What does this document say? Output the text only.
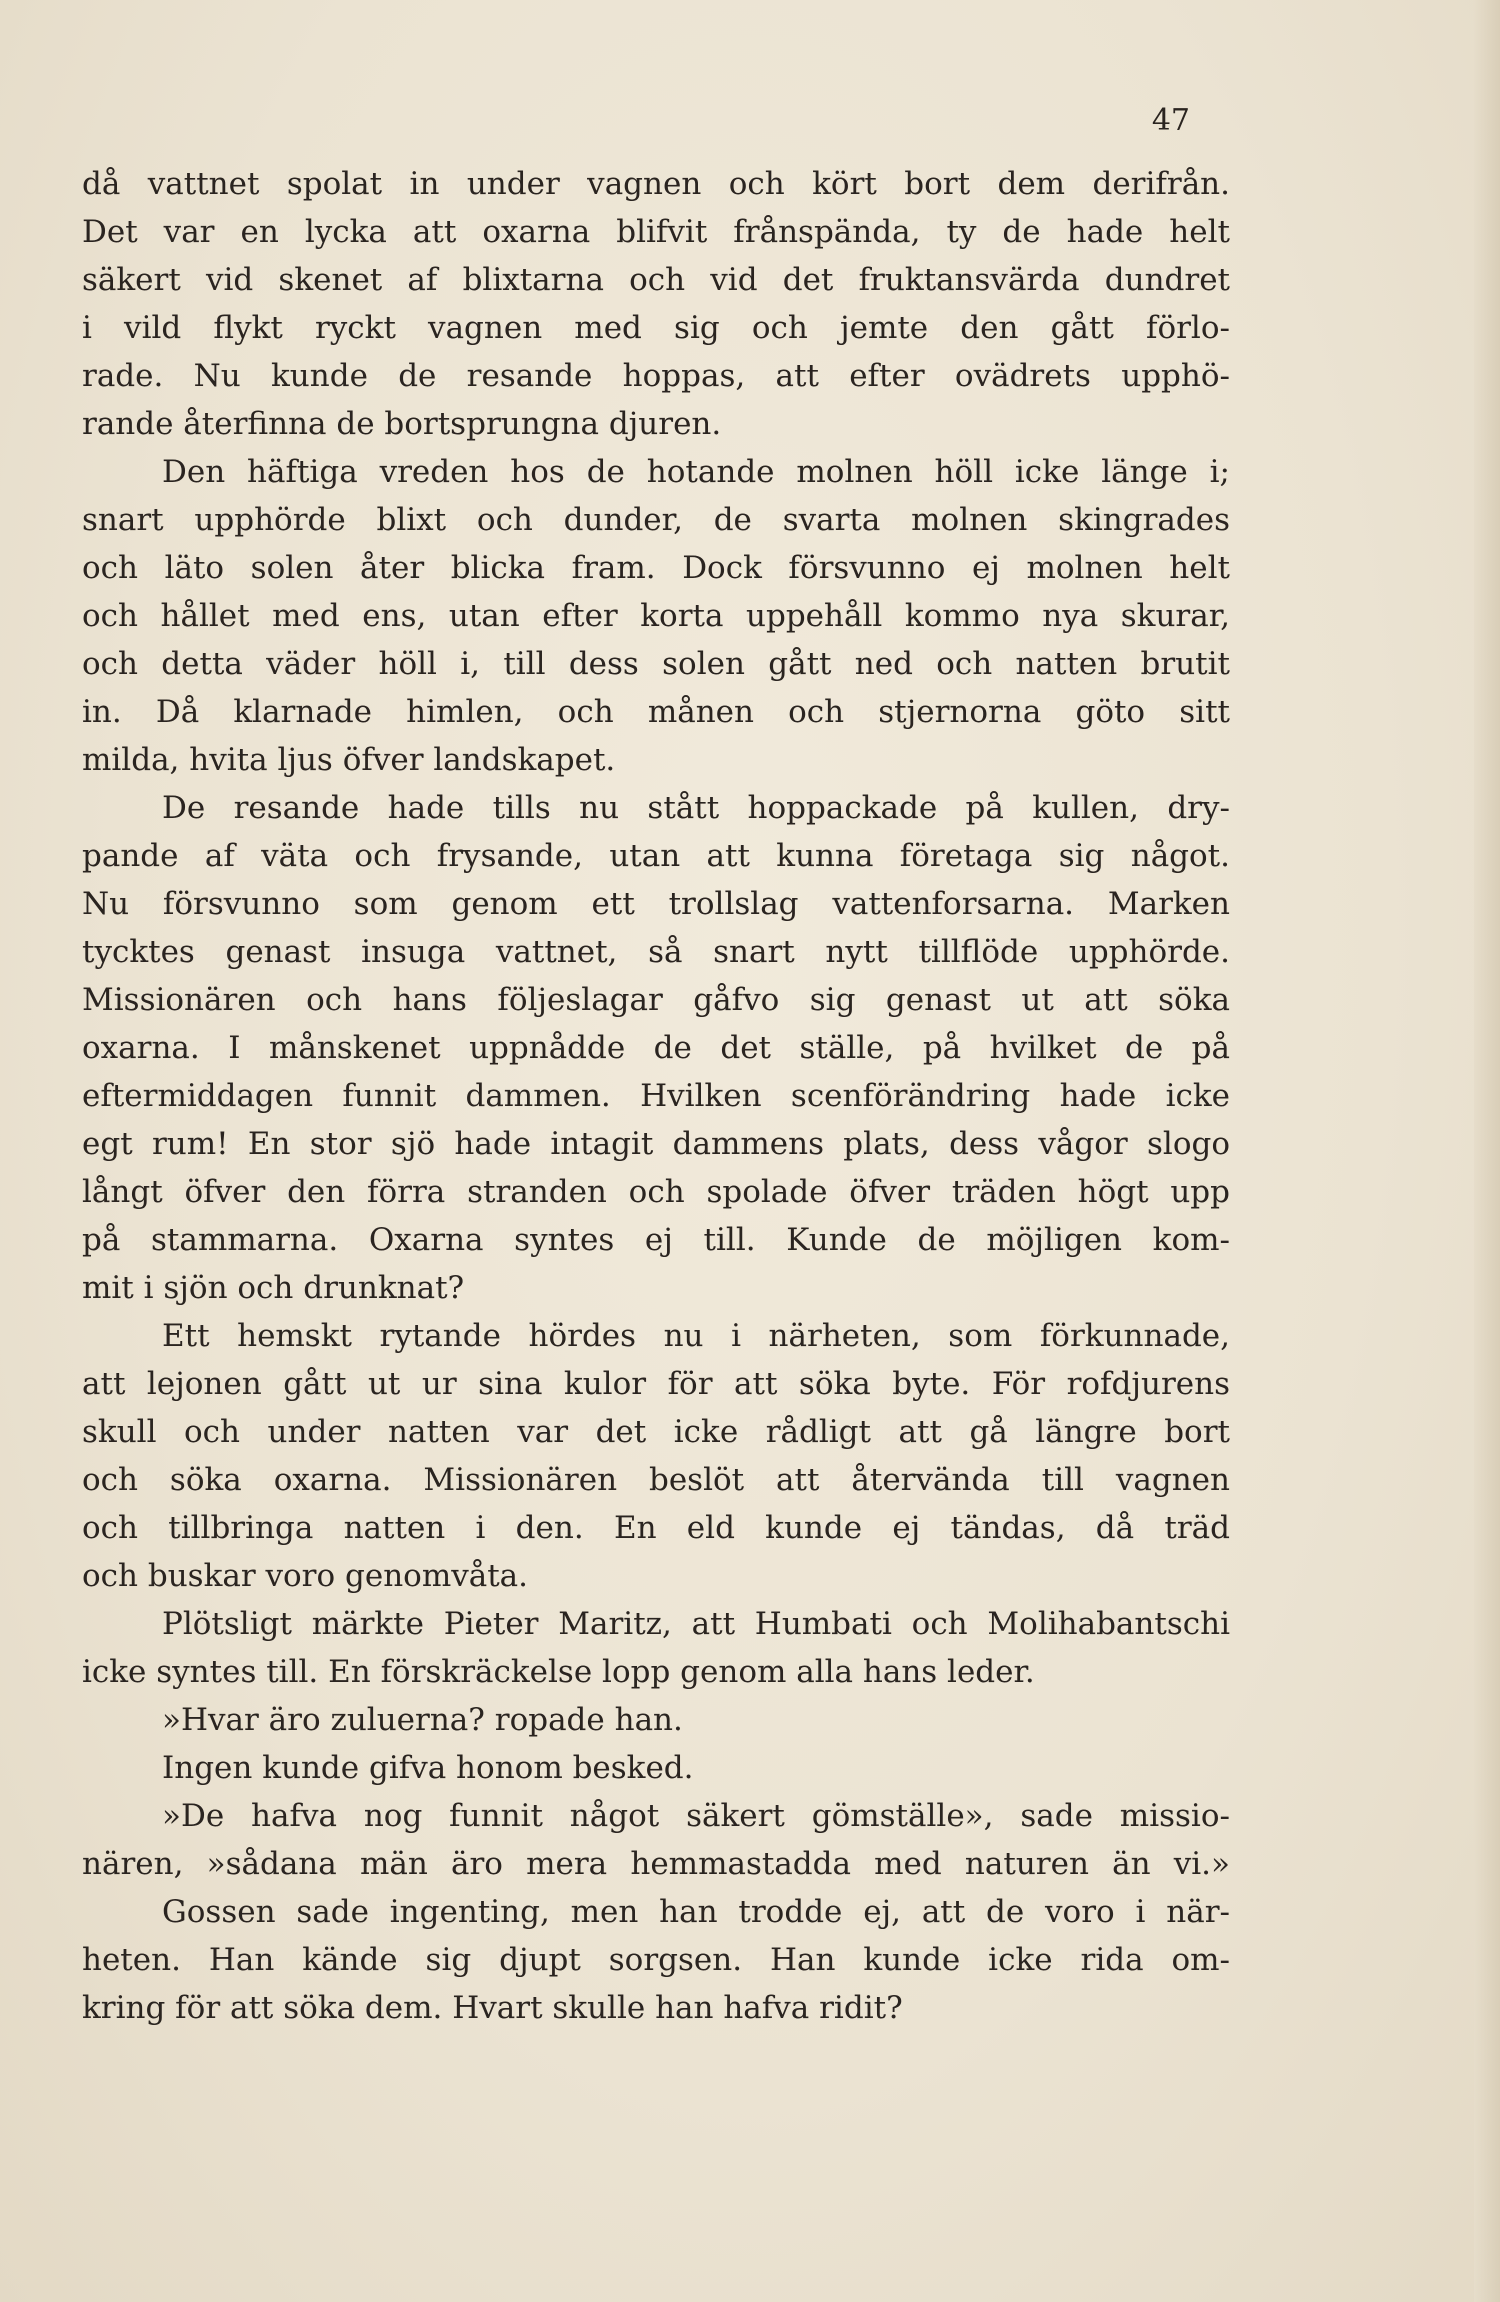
47
då vattnet spolat in under vagnen och kört bort dem derifrån.
Det var en lycka att oxarna blifvit frånspända, ty de hade helt
säkert vid skenet af blixtarna och vid det fruktansvärda dundret
i vild flykt ryckt vagnen med sig och jemte den gått förlo-
rade. Nu kunde de resande hoppas, att efter ovädrets upphö-
rande återfinna de bortsprungna djuren.
Den häftiga vreden hos de hotande molnen höll icke länge i;
snart upphörde blixt och dunder, de svarta molnen skingrades
och läto solen åter blicka fram. Dock försvunno ej molnen helt
och hållet med ens, utan efter korta uppehåll kommo nya skurar,
och detta väder höll i, till dess solen gått ned och natten brutit
in. Då klarnade himlen, och månen och stjernorna göto sitt
milda, hvita ljus öfver landskapet.
De resande hade tills nu stått hoppackade på kullen, dry-
pande af väta och frysande, utan att kunna företaga sig något.
Nu försvunno som genom ett trollslag vattenforsarna. Marken
tycktes genast insuga vattnet, så snart nytt tillflöde upphörde.
Missionären och hans följeslagar gåfvo sig genast ut att söka
oxarna. I månskenet uppnådde de det ställe, på hvilket de på
eftermiddagen funnit dammen. Hvilken scenförändring hade icke
egt rum! En stor sjö hade intagit dammens plats, dess vågor slogo
långt öfver den förra stranden och spolade öfver träden högt upp
på stammarna. Oxarna syntes ej till. Kunde de möjligen kom-
mit i sjön och drunknat?
Ett hemskt rytande hördes nu i närheten, som förkunnade,
att lejonen gått ut ur sina kulor för att söka byte. För rofdjurens
skull och under natten var det icke rådligt att gå längre bort
och söka oxarna. Missionären beslöt att återvända till vagnen
och tillbringa natten i den. En eld kunde ej tändas, då träd
och buskar voro genomvåta.
Plötsligt märkte Pieter Maritz, att Humbati och Molihabantschi
icke syntes till. En förskräckelse lopp genom alla hans leder.
»Hvar äro zuluerna? ropade han.
Ingen kunde gifva honom besked.
»De hafva nog funnit något säkert gömställe», sade missio-
nären, »sådana män äro mera hemmastadda med naturen än vi.»
Gossen sade ingenting, men han trodde ej, att de voro i när-
heten. Han kände sig djupt sorgsen. Han kunde icke rida om-
kring för att söka dem. Hvart skulle han hafva ridit?
